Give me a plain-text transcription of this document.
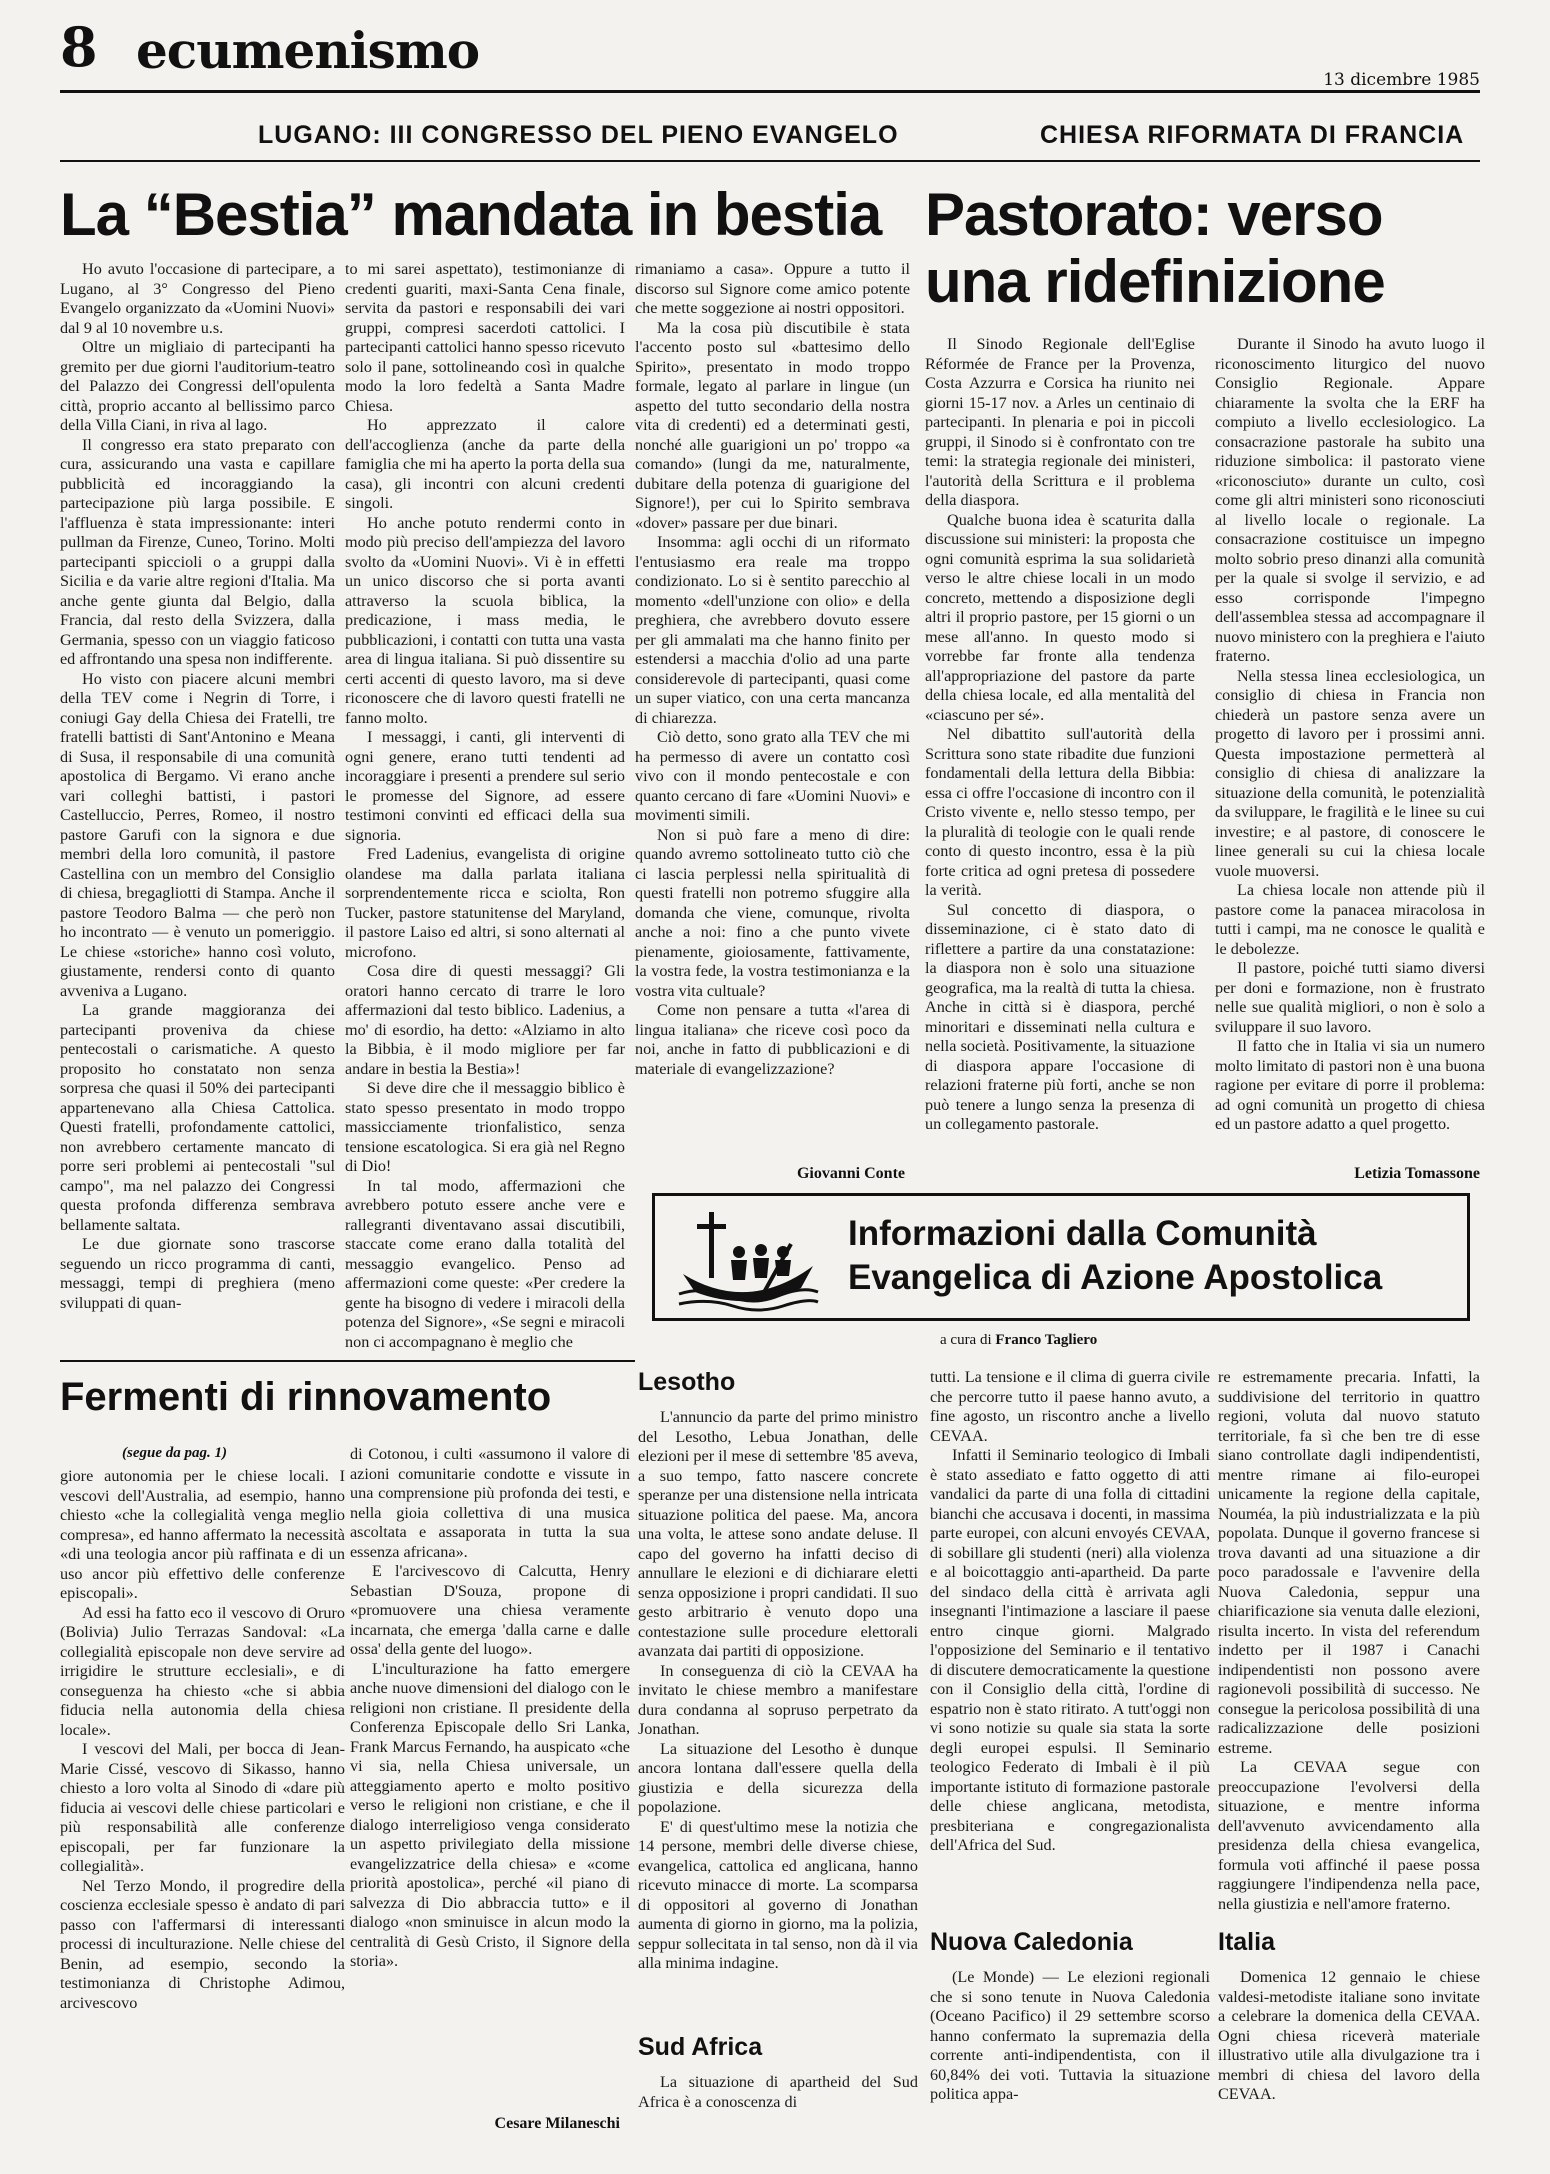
8 ecumenismo	13 dicembre 1985
LUGANO: III CONGRESSO DEL PIENO EVANGELO	CHIESA RIFORMATA DI FRANCIA
La “Bestia” mandata in bestia

Ho avuto l'occasione di partecipare, a Lugano, al 3° Congresso del Pieno Evangelo organizzato da «Uomini Nuovi» dal 9 al 10 novembre u.s.

Oltre un migliaio di partecipanti ha gremito per due giorni l'auditorium-teatro del Palazzo dei Congressi dell'opulenta città, proprio accanto al bellissimo parco della Villa Ciani, in riva al lago.

Il congresso era stato preparato con cura, assicurando una vasta e capillare pubblicità ed incoraggiando la partecipazione più larga possibile. E l'affluenza è stata impressionante: interi pullman da Firenze, Cuneo, Torino. Molti partecipanti spiccioli o a gruppi dalla Sicilia e da varie altre regioni d'Italia. Ma anche gente giunta dal Belgio, dalla Francia, dal resto della Svizzera, dalla Germania, spesso con un viaggio faticoso ed affrontando una spesa non indifferente.

Ho visto con piacere alcuni membri della TEV come i Negrin di Torre, i coniugi Gay della Chiesa dei Fratelli, tre fratelli battisti di Sant'Antonino e Meana di Susa, il responsabile di una comunità apostolica di Bergamo. Vi erano anche vari colleghi battisti, i pastori Castelluccio, Perres, Romeo, il nostro pastore Garufi con la signora e due membri della loro comunità, il pastore Castellina con un membro del Consiglio di chiesa, bregagliotti di Stampa. Anche il pastore Teodoro Balma — che però non ho incontrato — è venuto un pomeriggio. Le chiese «storiche» hanno così voluto, giustamente, rendersi conto di quanto avveniva a Lugano.

La grande maggioranza dei partecipanti proveniva da chiese pentecostali o carismatiche. A questo proposito ho constatato non senza sorpresa che quasi il 50% dei partecipanti appartenevano alla Chiesa Cattolica. Questi fratelli, profondamente cattolici, non avrebbero certamente mancato di porre seri problemi ai pentecostali "sul campo", ma nel palazzo dei Congressi questa profonda differenza sembrava bellamente saltata.

Le due giornate sono trascorse seguendo un ricco programma di canti, messaggi, tempi di preghiera (meno sviluppati di quan-

to mi sarei aspettato), testimonianze di credenti guariti, maxi-Santa Cena finale, servita da pastori e responsabili dei vari gruppi, compresi sacerdoti cattolici. I partecipanti cattolici hanno spesso ricevuto solo il pane, sottolineando così in qualche modo la loro fedeltà a Santa Madre Chiesa.

Ho apprezzato il calore dell'accoglienza (anche da parte della famiglia che mi ha aperto la porta della sua casa), gli incontri con alcuni credenti singoli.

Ho anche potuto rendermi conto in modo più preciso dell'ampiezza del lavoro svolto da «Uomini Nuovi». Vi è in effetti un unico discorso che si porta avanti attraverso la scuola biblica, la predicazione, i mass media, le pubblicazioni, i contatti con tutta una vasta area di lingua italiana. Si può dissentire su certi accenti di questo lavoro, ma si deve riconoscere che di lavoro questi fratelli ne fanno molto.

I messaggi, i canti, gli interventi di ogni genere, erano tutti tendenti ad incoraggiare i presenti a prendere sul serio le promesse del Signore, ad essere testimoni convinti ed efficaci della sua signoria.

Fred Ladenius, evangelista di origine olandese ma dalla parlata italiana sorprendentemente ricca e sciolta, Ron Tucker, pastore statunitense del Maryland, il pastore Laiso ed altri, si sono alternati al microfono.

Cosa dire di questi messaggi? Gli oratori hanno cercato di trarre le loro affermazioni dal testo biblico. Ladenius, a mo' di esordio, ha detto: «Alziamo in alto la Bibbia, è il modo migliore per far andare in bestia la Bestia»!

Si deve dire che il messaggio biblico è stato spesso presentato in modo troppo massicciamente trionfalistico, senza tensione escatologica. Si era già nel Regno di Dio!

In tal modo, affermazioni che avrebbero potuto essere anche vere e rallegranti diventavano assai discutibili, staccate come erano dalla totalità del messaggio evangelico. Penso ad affermazioni come queste: «Per credere la gente ha bisogno di vedere i miracoli della potenza del Signore», «Se segni e miracoli non ci accompagnano è meglio che

rimaniamo a casa». Oppure a tutto il discorso sul Signore come amico potente che mette soggezione ai nostri oppositori.

Ma la cosa più discutibile è stata l'accento posto sul «battesimo dello Spirito», presentato in modo troppo formale, legato al parlare in lingue (un aspetto del tutto secondario della nostra vita di credenti) ed a determinati gesti, nonché alle guarigioni un po' troppo «a comando» (lungi da me, naturalmente, dubitare della potenza di guarigione del Signore!), per cui lo Spirito sembrava «dover» passare per due binari.

Insomma: agli occhi di un riformato l'entusiasmo era reale ma troppo condizionato. Lo si è sentito parecchio al momento «dell'unzione con olio» e della preghiera, che avrebbero dovuto essere per gli ammalati ma che hanno finito per estendersi a macchia d'olio ad una parte considerevole di partecipanti, quasi come un super viatico, con una certa mancanza di chiarezza.

Ciò detto, sono grato alla TEV che mi ha permesso di avere un contatto così vivo con il mondo pentecostale e con quanto cercano di fare «Uomini Nuovi» e movimenti simili.

Non si può fare a meno di dire: quando avremo sottolineato tutto ciò che ci lascia perplessi nella spiritualità di questi fratelli non potremo sfuggire alla domanda che viene, comunque, rivolta anche a noi: fino a che punto vivete pienamente, gioiosamente, fattivamente, la vostra fede, la vostra testimonianza e la vostra vita cultuale?

Come non pensare a tutta «l'area di lingua italiana» che riceve così poco da noi, anche in fatto di pubblicazioni e di materiale di evangelizzazione?

Giovanni Conte
Pastorato: verso
una ridefinizione

Il Sinodo Regionale dell'Eglise Réformée de France per la Provenza, Costa Azzurra e Corsica ha riunito nei giorni 15-17 nov. a Arles un centinaio di partecipanti. In plenaria e poi in piccoli gruppi, il Sinodo si è confrontato con tre temi: la strategia regionale dei ministeri, l'autorità della Scrittura e il problema della diaspora.

Qualche buona idea è scaturita dalla discussione sui ministeri: la proposta che ogni comunità esprima la sua solidarietà verso le altre chiese locali in un modo concreto, mettendo a disposizione degli altri il proprio pastore, per 15 giorni o un mese all'anno. In questo modo si vorrebbe far fronte alla tendenza all'appropriazione del pastore da parte della chiesa locale, ed alla mentalità del «ciascuno per sé».

Nel dibattito sull'autorità della Scrittura sono state ribadite due funzioni fondamentali della lettura della Bibbia: essa ci offre l'occasione di incontro con il Cristo vivente e, nello stesso tempo, per la pluralità di teologie con le quali rende conto di questo incontro, essa è la più forte critica ad ogni pretesa di possedere la verità.

Sul concetto di diaspora, o disseminazione, ci è stato dato di riflettere a partire da una constatazione: la diaspora non è solo una situazione geografica, ma la realtà di tutta la chiesa. Anche in città si è diaspora, perché minoritari e disseminati nella cultura e nella società. Positivamente, la situazione di diaspora appare l'occasione di relazioni fraterne più forti, anche se non può tenere a lungo senza la presenza di un collegamento pastorale.

Durante il Sinodo ha avuto luogo il riconoscimento liturgico del nuovo Consiglio Regionale. Appare chiaramente la svolta che la ERF ha compiuto a livello ecclesiologico. La consacrazione pastorale ha subito una riduzione simbolica: il pastorato viene «riconosciuto» durante un culto, così come gli altri ministeri sono riconosciuti al livello locale o regionale. La consacrazione costituisce un impegno molto sobrio preso dinanzi alla comunità per la quale si svolge il servizio, e ad esso corrisponde l'impegno dell'assemblea stessa ad accompagnare il nuovo ministero con la preghiera e l'aiuto fraterno.

Nella stessa linea ecclesiologica, un consiglio di chiesa in Francia non chiederà un pastore senza avere un progetto di lavoro per i prossimi anni. Questa impostazione permetterà al consiglio di chiesa di analizzare la situazione della comunità, le potenzialità da sviluppare, le fragilità e le linee su cui investire; e al pastore, di conoscere le linee generali su cui la chiesa locale vuole muoversi.

La chiesa locale non attende più il pastore come la panacea miracolosa in tutti i campi, ma ne conosce le qualità e le debolezze.

Il pastore, poiché tutti siamo diversi per doni e formazione, non è frustrato nelle sue qualità migliori, o non è solo a sviluppare il suo lavoro.

Il fatto che in Italia vi sia un numero molto limitato di pastori non è una buona ragione per evitare di porre il problema: ad ogni comunità un progetto di chiesa ed un pastore adatto a quel progetto.

Letizia Tomassone
Informazioni dalla Comunità
Evangelica di Azione Apostolica
a cura di Franco Tagliero
Fermenti di rinnovamento
(segue da pag. 1)

giore autonomia per le chiese locali. I vescovi dell'Australia, ad esempio, hanno chiesto «che la collegialità venga meglio compresa», ed hanno affermato la necessità «di una teologia ancor più raffinata e di un uso ancor più effettivo delle conferenze episcopali».

Ad essi ha fatto eco il vescovo di Oruro (Bolivia) Julio Terrazas Sandoval: «La collegialità episcopale non deve servire ad irrigidire le strutture ecclesiali», e di conseguenza ha chiesto «che si abbia fiducia nella autonomia della chiesa locale».

I vescovi del Mali, per bocca di Jean-Marie Cissé, vescovo di Sikasso, hanno chiesto a loro volta al Sinodo di «dare più fiducia ai vescovi delle chiese particolari e più responsabilità alle conferenze episcopali, per far funzionare la collegialità».

Nel Terzo Mondo, il progredire della coscienza ecclesiale spesso è andato di pari passo con l'affermarsi di interessanti processi di inculturazione. Nelle chiese del Benin, ad esempio, secondo la testimonianza di Christophe Adimou, arcivescovo

di Cotonou, i culti «assumono il valore di azioni comunitarie condotte e vissute in una comprensione più profonda dei testi, e nella gioia collettiva di una musica ascoltata e assaporata in tutta la sua essenza africana».

E l'arcivescovo di Calcutta, Henry Sebastian D'Souza, propone di «promuovere una chiesa veramente incarnata, che emerga 'dalla carne e dalle ossa' della gente del luogo».

L'inculturazione ha fatto emergere anche nuove dimensioni del dialogo con le religioni non cristiane. Il presidente della Conferenza Episcopale dello Sri Lanka, Frank Marcus Fernando, ha auspicato «che vi sia, nella Chiesa universale, un atteggiamento aperto e molto positivo verso le religioni non cristiane, e che il dialogo interreligioso venga considerato un aspetto privilegiato della missione evangelizzatrice della chiesa» e «come priorità apostolica», perché «il piano di salvezza di Dio abbraccia tutto» e il dialogo «non sminuisce in alcun modo la centralità di Gesù Cristo, il Signore della storia».

Cesare Milaneschi
Lesotho

L'annuncio da parte del primo ministro del Lesotho, Lebua Jonathan, delle elezioni per il mese di settembre '85 aveva, a suo tempo, fatto nascere concrete speranze per una distensione nella intricata situazione politica del paese. Ma, ancora una volta, le attese sono andate deluse. Il capo del governo ha infatti deciso di annullare le elezioni e di dichiarare eletti senza opposizione i propri candidati. Il suo gesto arbitrario è venuto dopo una contestazione sulle procedure elettorali avanzata dai partiti di opposizione.

In conseguenza di ciò la CEVAA ha invitato le chiese membro a manifestare dura condanna al sopruso perpetrato da Jonathan.

La situazione del Lesotho è dunque ancora lontana dall'essere quella della giustizia e della sicurezza della popolazione.

E' di quest'ultimo mese la notizia che 14 persone, membri delle diverse chiese, evangelica, cattolica ed anglicana, hanno ricevuto minacce di morte. La scomparsa di oppositori al governo di Jonathan aumenta di giorno in giorno, ma la polizia, seppur sollecitata in tal senso, non dà il via alla minima indagine.

Sud Africa

La situazione di apartheid del Sud Africa è a conoscenza di

tutti. La tensione e il clima di guerra civile che percorre tutto il paese hanno avuto, a fine agosto, un riscontro anche a livello CEVAA.

Infatti il Seminario teologico di Imbali è stato assediato e fatto oggetto di atti vandalici da parte di una folla di cittadini bianchi che accusava i docenti, in massima parte europei, con alcuni envoyés CEVAA, di sobillare gli studenti (neri) alla violenza e al boicottaggio anti-apartheid. Da parte del sindaco della città è arrivata agli insegnanti l'intimazione a lasciare il paese entro cinque giorni. Malgrado l'opposizione del Seminario e il tentativo di discutere democraticamente la questione con il Consiglio della città, l'ordine di espatrio non è stato ritirato. A tutt'oggi non vi sono notizie su quale sia stata la sorte degli europei espulsi. Il Seminario teologico Federato di Imbali è il più importante istituto di formazione pastorale delle chiese anglicana, metodista, presbiteriana e congregazionalista dell'Africa del Sud.

Nuova Caledonia

(Le Monde) — Le elezioni regionali che si sono tenute in Nuova Caledonia (Oceano Pacifico) il 29 settembre scorso hanno confermato la supremazia della corrente anti-indipendentista, con il 60,84% dei voti. Tuttavia la situazione politica appa-

re estremamente precaria. Infatti, la suddivisione del territorio in quattro regioni, voluta dal nuovo statuto territoriale, fa sì che ben tre di esse siano controllate dagli indipendentisti, mentre rimane ai filo-europei unicamente la regione della capitale, Nouméa, la più industrializzata e la più popolata. Dunque il governo francese si trova davanti ad una situazione a dir poco paradossale e l'avvenire della Nuova Caledonia, seppur una chiarificazione sia venuta dalle elezioni, risulta incerto. In vista del referendum indetto per il 1987 i Canachi indipendentisti non possono avere ragionevoli possibilità di successo. Ne consegue la pericolosa possibilità di una radicalizzazione delle posizioni estreme.

La CEVAA segue con preoccupazione l'evolversi della situazione, e mentre informa dell'avvenuto avvicendamento alla presidenza della chiesa evangelica, formula voti affinché il paese possa raggiungere l'indipendenza nella pace, nella giustizia e nell'amore fraterno.

Italia

Domenica 12 gennaio le chiese valdesi-metodiste italiane sono invitate a celebrare la domenica della CEVAA. Ogni chiesa riceverà materiale illustrativo utile alla divulgazione tra i membri di chiesa del lavoro della CEVAA.
